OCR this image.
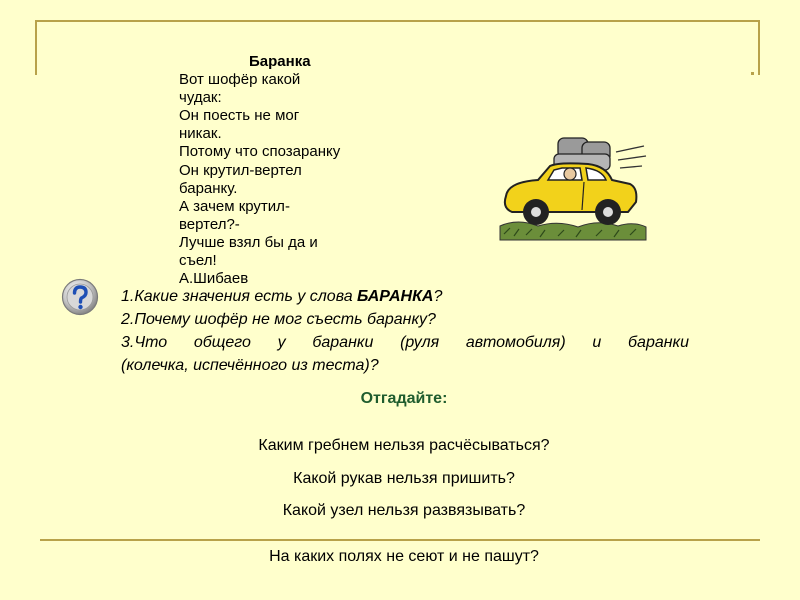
Баранка
Вот шофёр какой
чудак:
Он поесть не мог
никак.
Потому что спозаранку
Он крутил-вертел
баранку.
А зачем крутил-
вертел?-
Лучше взял бы да и
съел!
А.Шибаев
1.Какие значения есть у слова БАРАНКА?
2.Почему шофёр не мог съесть баранку?
3.Что общего у баранки (руля автомобиля) и баранки
(колечка, испечённого из теста)?
Отгадайте:
Каким гребнем нельзя расчёсываться?
Какой рукав нельзя пришить?
Какой узел нельзя развязывать?
На каких полях не сеют и не пашут?
